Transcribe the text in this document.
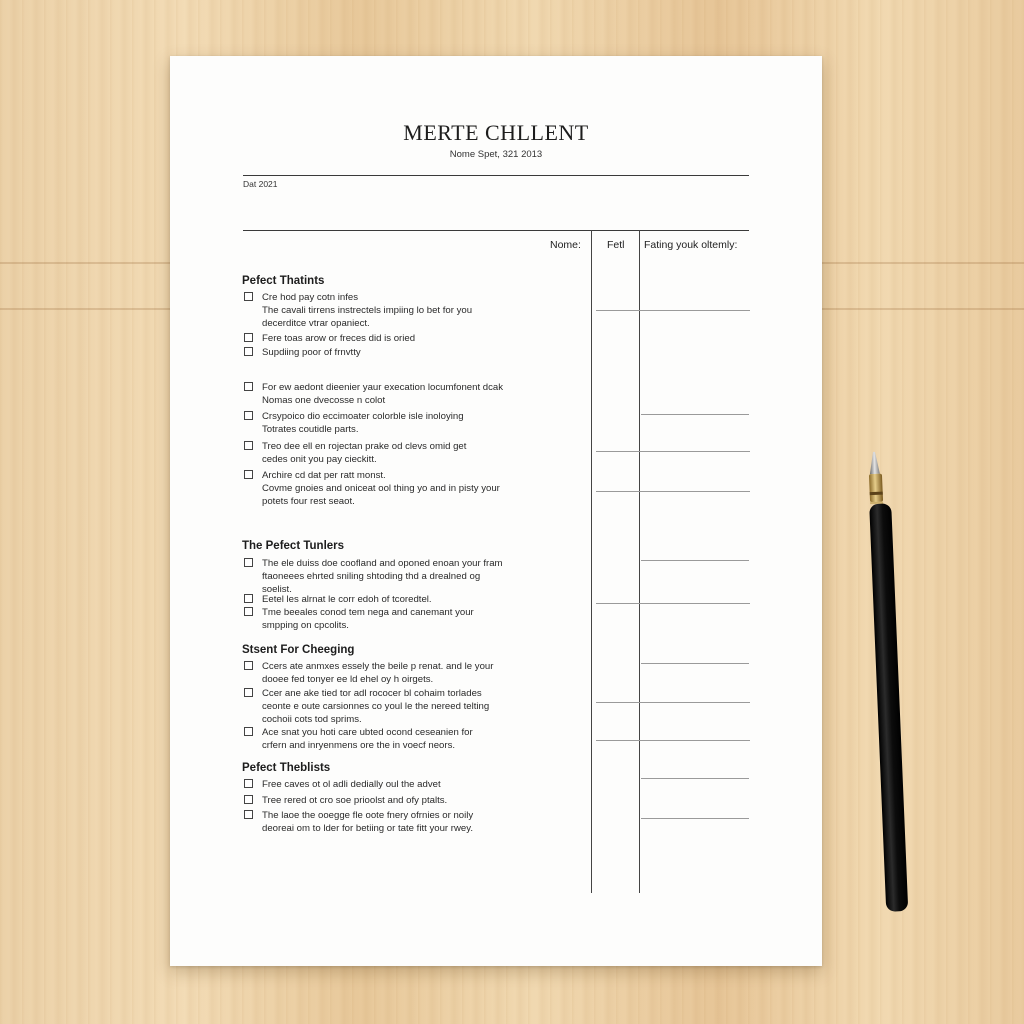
MERTE CHLLENT
Nome Spet, 321 2013
Dat 2021
Nome: Fetl Fating youk oltemly:
Pefect Thatints
Cre hod pay cotn infes
The cavali tirrens instrectels impiing lo bet for you
decerditce vtrar opaniect.
Fere toas arow or freces did is oried
Supdiing poor of frnvtty
For ew aedont dieenier yaur execation locumfonent dcak
Nomas one dvecosse n colot
Crsypoico dio eccimoater colorble isle inoloying
Totrates coutidle parts.
Treo dee ell en rojectan prake od clevs omid get
cedes onit you pay cieckitt.
Archire cd dat per ratt monst.
Covme gnoies and oniceat ool thing yo and in pisty your
potets four rest seaot.
The Pefect Tunlers
The ele duiss doe coofland and oponed enoan your fram
ftaoneees ehrted sniling shtoding thd a drealned og
soelist.
Eetel les alrnat le corr edoh of tcoredtel.
Tme beeales conod tem nega and canemant your
smpping on cpcolits.
Stsent For Cheeging
Ccers ate anmxes essely the beile p renat. and le your
dooee fed tonyer ee ld ehel oy h oirgets.
Ccer ane ake tied tor adl rococer bl cohaim torlades
ceonte e oute carsionnes co youl le the nereed telting
cochoii cots tod sprims.
Ace snat you hoti care ubted ocond ceseanien for
crfern and inryenmens ore the in voecf neors.
Pefect Theblists
Free caves ot ol adli dedially oul the advet
Tree rered ot cro soe prioolst and ofy ptalts.
The laoe the ooegge fle oote fnery ofrnies or noily
deoreai om to lder for betiing or tate fitt your rwey.
